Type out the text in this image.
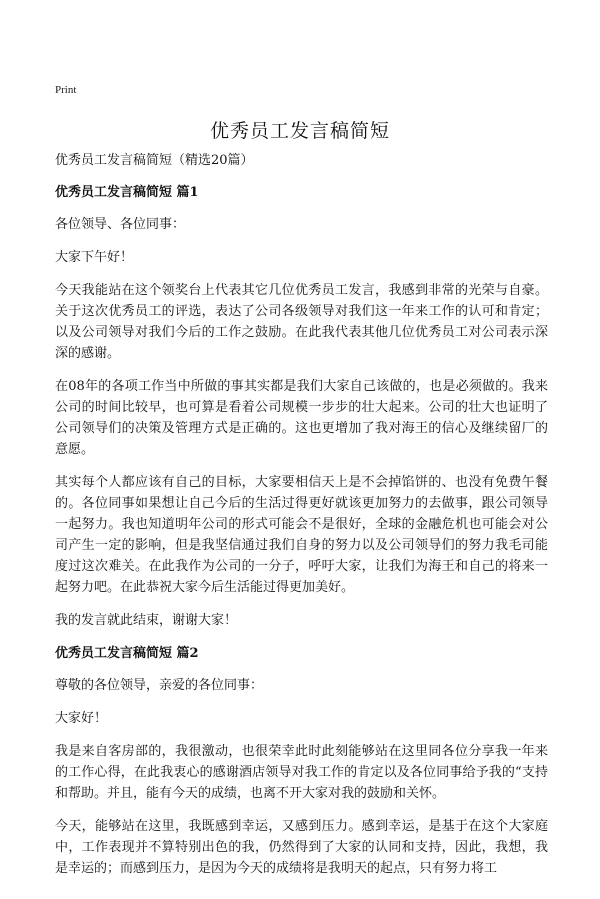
Print
优秀员工发言稿简短

优秀员工发言稿简短（精选20篇）

优秀员工发言稿简短 篇1

各位领导、各位同事：

大家下午好！

今天我能站在这个领奖台上代表其它几位优秀员工发言，我感到非常的光荣与自豪。关于这次优秀员工的评选，表达了公司各级领导对我们这一年来工作的认可和肯定；以及公司领导对我们今后的工作之鼓励。在此我代表其他几位优秀员工对公司表示深深的感谢。

在08年的各项工作当中所做的事其实都是我们大家自己该做的，也是必须做的。我来公司的时间比较早，也可算是看着公司规模一步步的壮大起来。公司的壮大也证明了公司领导们的决策及管理方式是正确的。这也更增加了我对海王的信心及继续留厂的意愿。

其实每个人都应该有自己的目标，大家要相信天上是不会掉馅饼的、也没有免费午餐的。各位同事如果想让自己今后的生活过得更好就该更加努力的去做事，跟公司领导一起努力。我也知道明年公司的形式可能会不是很好，全球的金融危机也可能会对公司产生一定的影响，但是我坚信通过我们自身的努力以及公司领导们的努力我毛司能度过这次难关。在此我作为公司的一分子，呼吁大家，让我们为海王和自己的将来一起努力吧。在此恭祝大家今后生活能过得更加美好。

我的发言就此结束，谢谢大家！

优秀员工发言稿简短 篇2

尊敬的各位领导，亲爱的各位同事：

大家好！

我是来自客房部的，我很激动，也很荣幸此时此刻能够站在这里同各位分享我一年来的工作心得，在此我衷心的感谢酒店领导对我工作的肯定以及各位同事给予我的“支持和帮助。并且，能有今天的成绩，也离不开大家对我的鼓励和关怀。

今天，能够站在这里，我既感到幸运，又感到压力。感到幸运，是基于在这个大家庭中，工作表现并不算特别出色的我，仍然得到了大家的认同和支持，因此，我想，我是幸运的；而感到压力，是因为今天的成绩将是我明天的起点，只有努力将工
